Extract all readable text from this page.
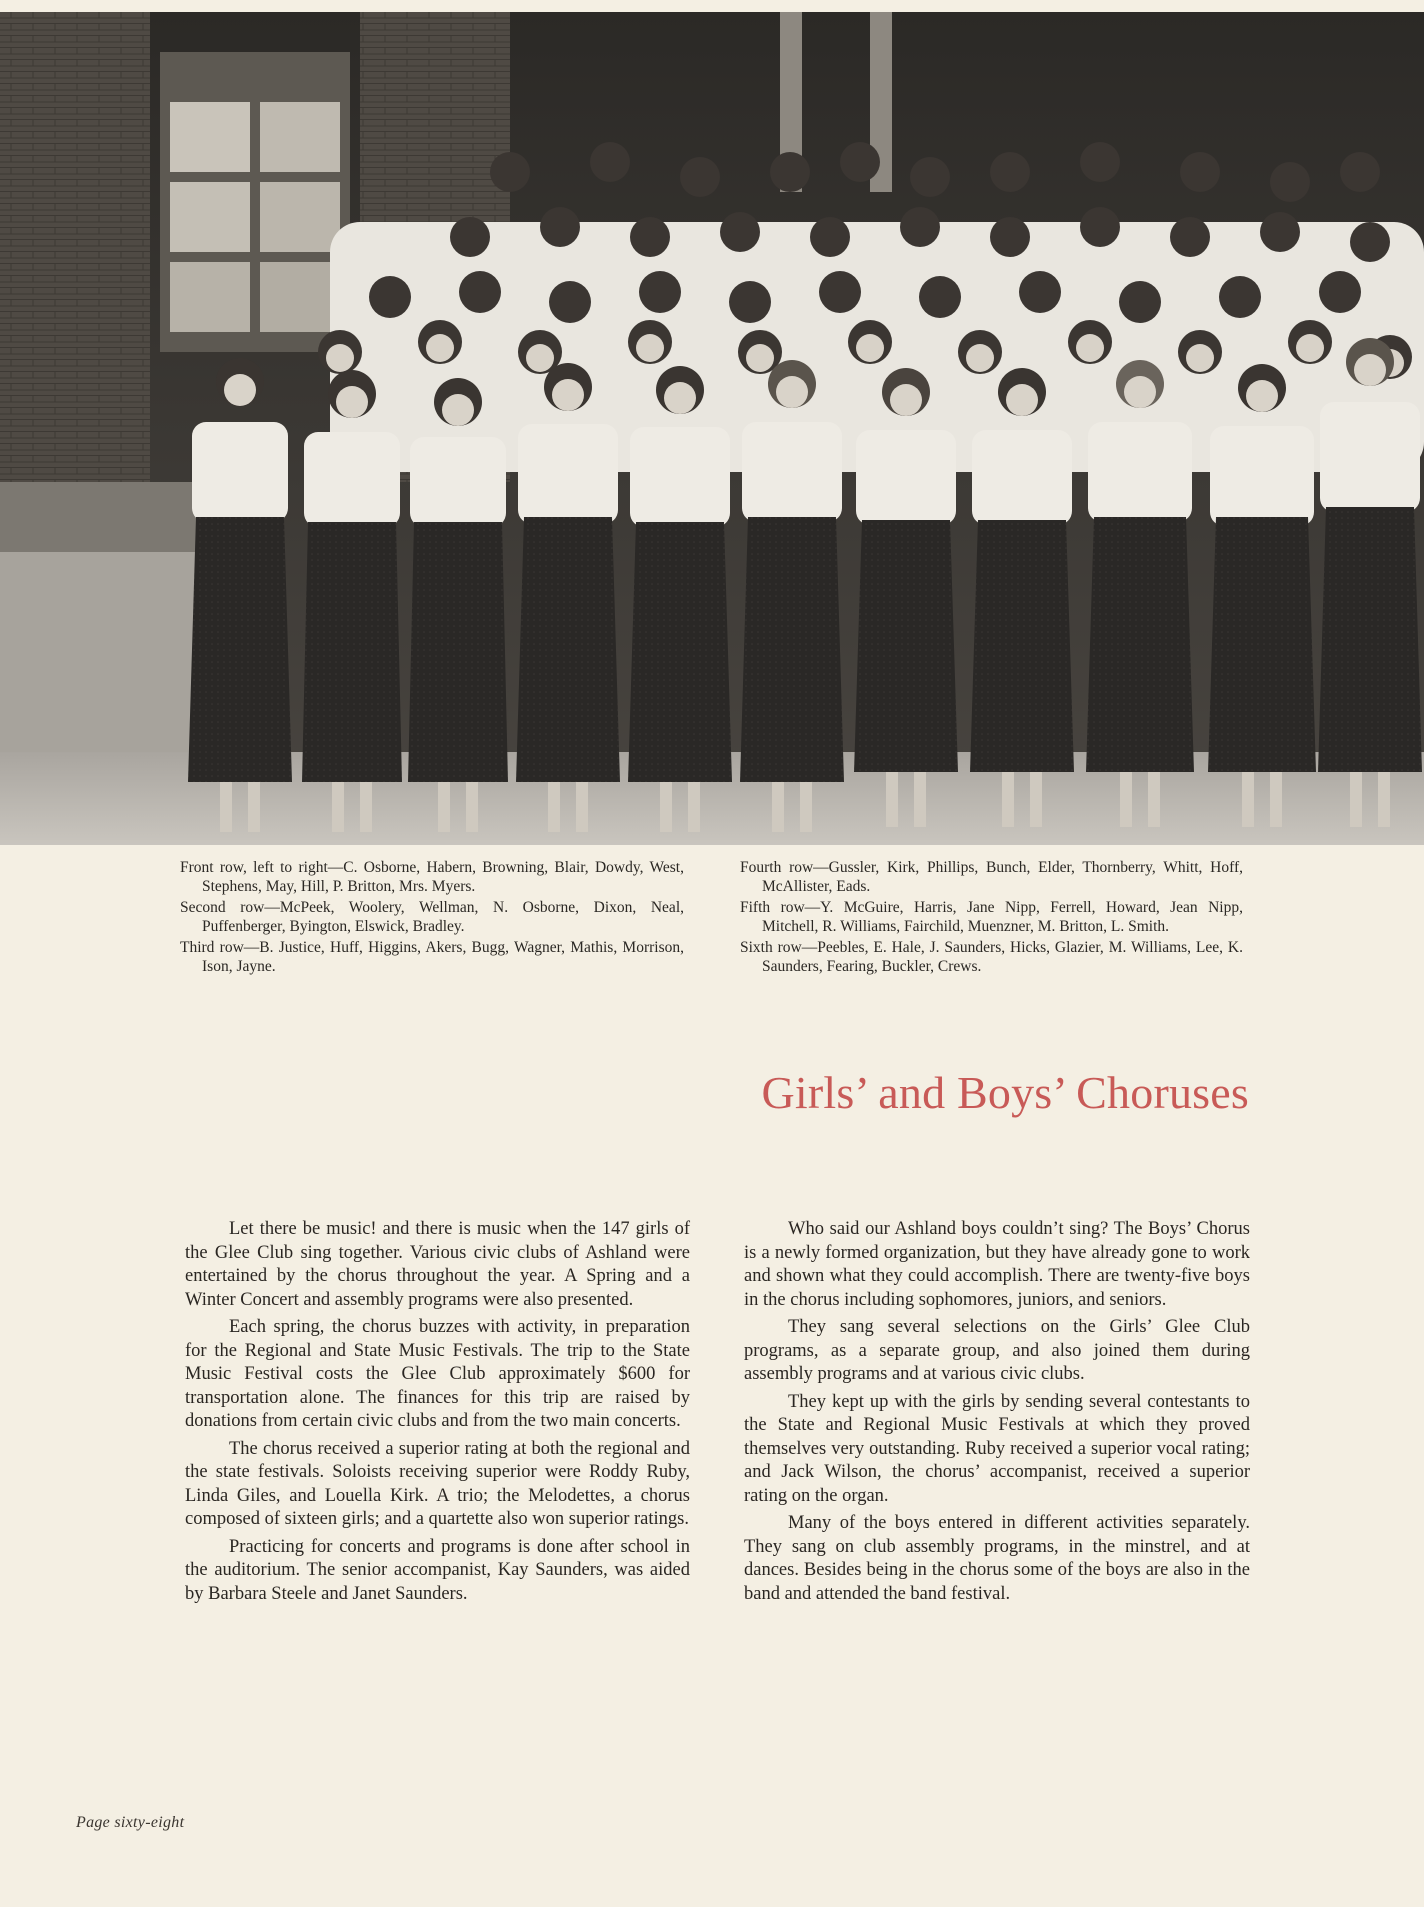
Front row, left to right—C. Osborne, Habern, Browning, Blair, Dowdy, West, Stephens, May, Hill, P. Britton, Mrs. Myers.

Second row—McPeek, Woolery, Wellman, N. Osborne, Dixon, Neal, Puffenberger, Byington, Elswick, Bradley.

Third row—B. Justice, Huff, Higgins, Akers, Bugg, Wagner, Mathis, Morrison, Ison, Jayne.

Fourth row—Gussler, Kirk, Phillips, Bunch, Elder, Thornberry, Whitt, Hoff, McAllister, Eads.

Fifth row—Y. McGuire, Harris, Jane Nipp, Ferrell, Howard, Jean Nipp, Mitchell, R. Williams, Fairchild, Muenzner, M. Britton, L. Smith.

Sixth row—Peebles, E. Hale, J. Saunders, Hicks, Glazier, M. Williams, Lee, K. Saunders, Fearing, Buckler, Crews.

Girls’ and Boys’ Choruses

Let there be music! and there is music when the 147 girls of the Glee Club sing together. Various civic clubs of Ashland were entertained by the chorus throughout the year. A Spring and a Winter Concert and assembly programs were also presented.

Each spring, the chorus buzzes with activity, in preparation for the Regional and State Music Festivals. The trip to the State Music Festival costs the Glee Club approximately $600 for transportation alone. The finances for this trip are raised by donations from certain civic clubs and from the two main concerts.

The chorus received a superior rating at both the regional and the state festivals. Soloists receiving superior were Roddy Ruby, Linda Giles, and Louella Kirk. A trio; the Melodettes, a chorus composed of sixteen girls; and a quartette also won superior ratings.

Practicing for concerts and programs is done after school in the auditorium. The senior accompanist, Kay Saunders, was aided by Barbara Steele and Janet Saunders.

Who said our Ashland boys couldn’t sing? The Boys’ Chorus is a newly formed organization, but they have already gone to work and shown what they could accomplish. There are twenty-five boys in the chorus including sophomores, juniors, and seniors.

They sang several selections on the Girls’ Glee Club programs, as a separate group, and also joined them during assembly programs and at various civic clubs.

They kept up with the girls by sending several contestants to the State and Regional Music Festivals at which they proved themselves very outstanding. Ruby received a superior vocal rating; and Jack Wilson, the chorus’ accompanist, received a superior rating on the organ.

Many of the boys entered in different activities separately. They sang on club assembly programs, in the minstrel, and at dances. Besides being in the chorus some of the boys are also in the band and attended the band festival.

Page sixty-eight
